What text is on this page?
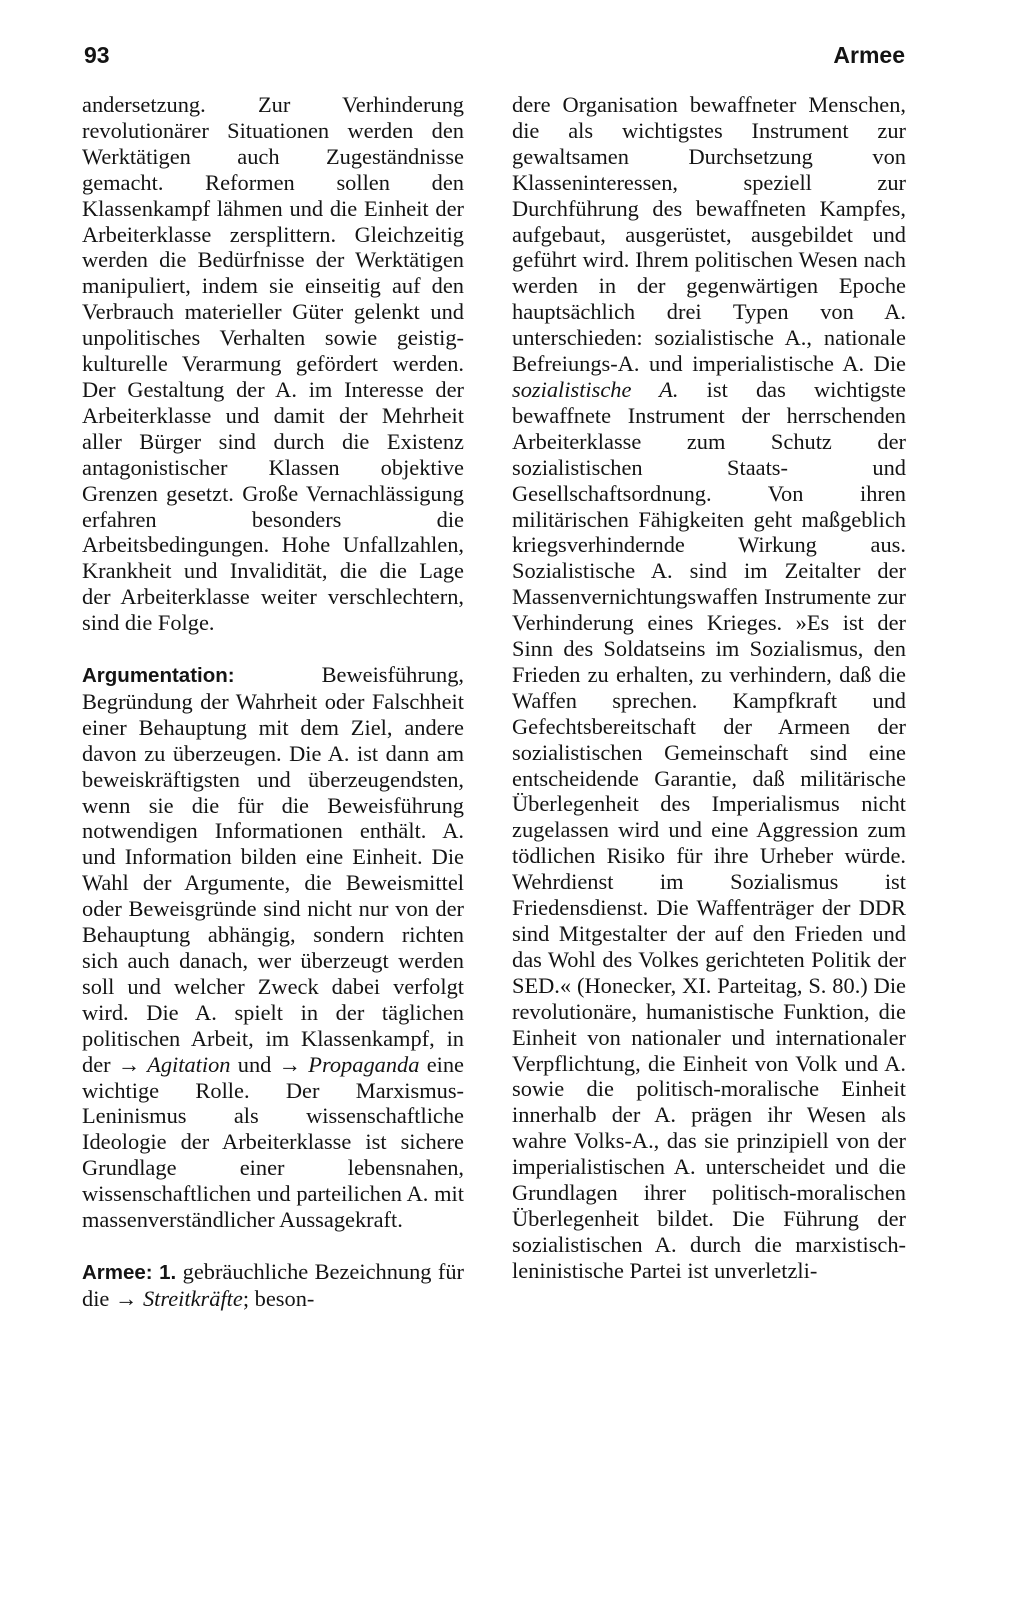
93	Armee

andersetzung. Zur Verhinderung revolutionärer Situationen werden den Werktätigen auch Zugeständnisse gemacht. Reformen sollen den Klassenkampf lähmen und die Einheit der Arbeiterklasse zersplittern. Gleichzeitig werden die Bedürfnisse der Werktätigen manipuliert, indem sie einseitig auf den Verbrauch materieller Güter gelenkt und unpolitisches Verhalten sowie geistig-kulturelle Verarmung gefördert werden. Der Gestaltung der A. im Interesse der Arbeiterklasse und damit der Mehrheit aller Bürger sind durch die Existenz antagonistischer Klassen objektive Grenzen gesetzt. Große Vernachlässigung erfahren besonders die Arbeitsbedingungen. Hohe Unfallzahlen, Krankheit und Invalidität, die die Lage der Arbeiterklasse weiter verschlechtern, sind die Folge.

Argumentation: Beweisführung, Begründung der Wahrheit oder Falschheit einer Behauptung mit dem Ziel, andere davon zu überzeugen. Die A. ist dann am beweiskräftigsten und überzeugendsten, wenn sie die für die Beweisführung notwendigen Informationen enthält. A. und Information bilden eine Einheit. Die Wahl der Argumente, die Beweismittel oder Beweisgründe sind nicht nur von der Behauptung abhängig, sondern richten sich auch danach, wer überzeugt werden soll und welcher Zweck dabei verfolgt wird. Die A. spielt in der täglichen politischen Arbeit, im Klassenkampf, in der → Agitation und → Propaganda eine wichtige Rolle. Der Marxismus-Leninismus als wissenschaftliche Ideologie der Arbeiterklasse ist sichere Grundlage einer lebensnahen, wissenschaftlichen und parteilichen A. mit massenverständlicher Aussagekraft.

Armee: 1. gebräuchliche Bezeichnung für die → Streitkräfte; beson-

dere Organisation bewaffneter Menschen, die als wichtigstes Instrument zur gewaltsamen Durchsetzung von Klasseninteressen, speziell zur Durchführung des bewaffneten Kampfes, aufgebaut, ausgerüstet, ausgebildet und geführt wird. Ihrem politischen Wesen nach werden in der gegenwärtigen Epoche hauptsächlich drei Typen von A. unterschieden: sozialistische A., nationale Befreiungs-A. und imperialistische A. Die sozialistische A. ist das wichtigste bewaffnete Instrument der herrschenden Arbeiterklasse zum Schutz der sozialistischen Staats- und Gesellschaftsordnung. Von ihren militärischen Fähigkeiten geht maßgeblich kriegsverhindernde Wirkung aus. Sozialistische A. sind im Zeitalter der Massenvernichtungswaffen Instrumente zur Verhinderung eines Krieges. »Es ist der Sinn des Soldatseins im Sozialismus, den Frieden zu erhalten, zu verhindern, daß die Waffen sprechen. Kampfkraft und Gefechtsbereitschaft der Armeen der sozialistischen Gemeinschaft sind eine entscheidende Garantie, daß militärische Überlegenheit des Imperialismus nicht zugelassen wird und eine Aggression zum tödlichen Risiko für ihre Urheber würde. Wehrdienst im Sozialismus ist Friedensdienst. Die Waffenträger der DDR sind Mitgestalter der auf den Frieden und das Wohl des Volkes gerichteten Politik der SED.« (Honecker, XI. Parteitag, S. 80.) Die revolutionäre, humanistische Funktion, die Einheit von nationaler und internationaler Verpflichtung, die Einheit von Volk und A. sowie die politisch-moralische Einheit innerhalb der A. prägen ihr Wesen als wahre Volks-A., das sie prinzipiell von der imperialistischen A. unterscheidet und die Grundlagen ihrer politisch-moralischen Überlegenheit bildet. Die Führung der sozialistischen A. durch die marxistisch-leninistische Partei ist unverletzli-
